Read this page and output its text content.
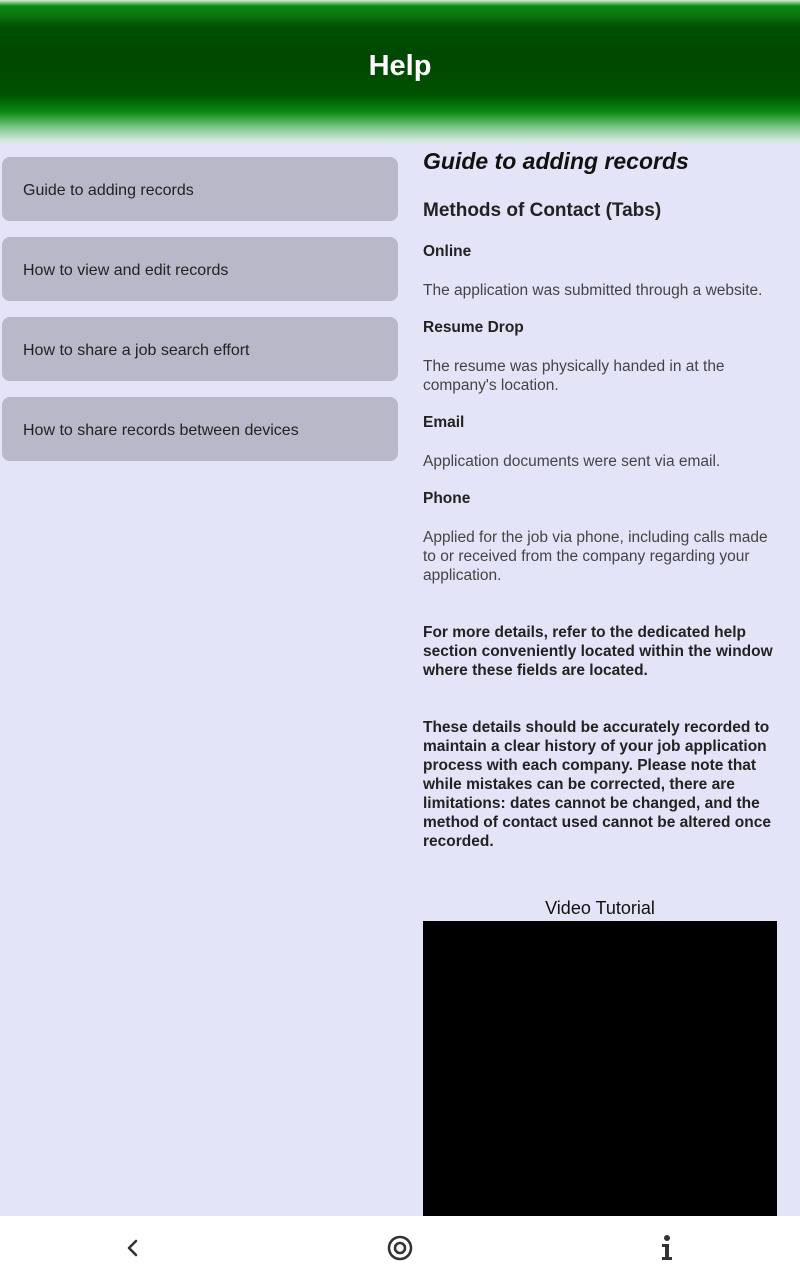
Help
Guide to adding records
How to view and edit records
How to share a job search effort
How to share records between devices
Guide to adding records
Methods of Contact (Tabs)
Online
The application was submitted through a website.
Resume Drop
The resume was physically handed in at the company's location.
Email
Application documents were sent via email.
Phone
Applied for the job via phone, including calls made to or received from the company regarding your application.
For more details, refer to the dedicated help section conveniently located within the window where these fields are located.
These details should be accurately recorded to maintain a clear history of your job application process with each company. Please note that while mistakes can be corrected, there are limitations: dates cannot be changed, and the method of contact used cannot be altered once recorded.
Video Tutorial
